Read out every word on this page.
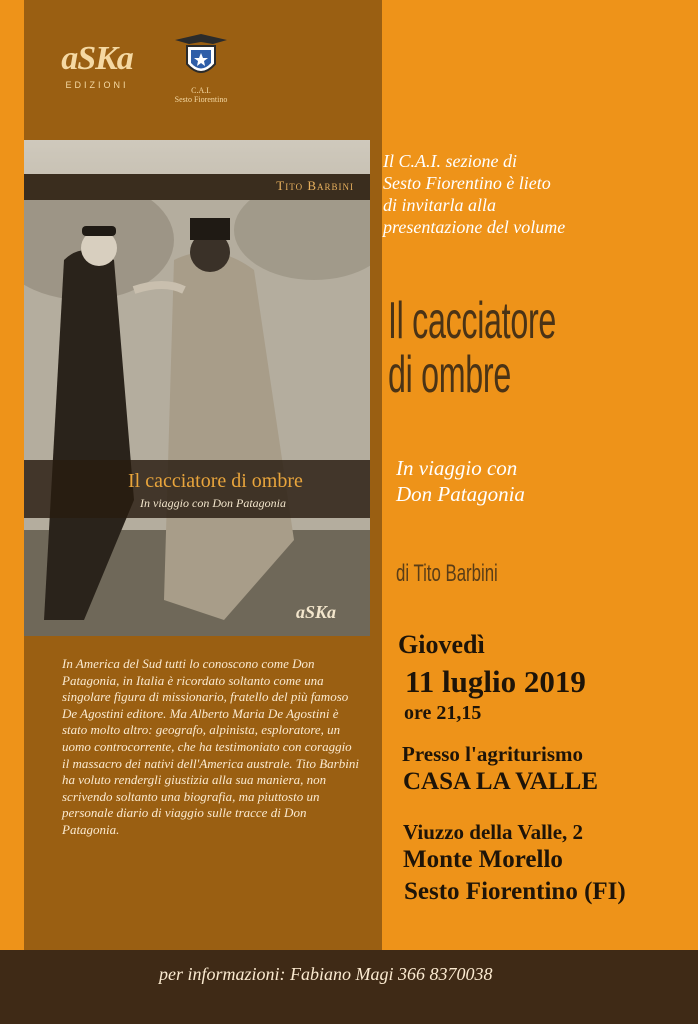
aSKa
EDIZIONI
C.A.I.
Sesto Fiorentino
Tito Barbini
Il cacciatore di ombre
In viaggio con Don Patagonia
aSKa
In America del Sud tutti lo conoscono come Don Patagonia, in Italia è ricordato soltanto come una singolare figura di missionario, fratello del più famoso De Agostini editore. Ma Alberto Maria De Agostini è stato molto altro: geografo, alpinista, esploratore, un uomo controcorrente, che ha testimoniato con coraggio il massacro dei nativi dell'America australe. Tito Barbini ha voluto rendergli giustizia alla sua maniera, non scrivendo soltanto una biografia, ma piuttosto un personale diario di viaggio sulle tracce di Don Patagonia.
Il C.A.I. sezione di
Sesto Fiorentino è lieto
di invitarla alla
presentazione del volume
Il cacciatore
di ombre
In viaggio con
Don Patagonia
di Tito Barbini
Giovedì
11 luglio 2019
ore 21,15
Presso l'agriturismo
CASA LA VALLE
Viuzzo della Valle, 2
Monte Morello
Sesto Fiorentino (FI)
per informazioni: Fabiano Magi 366 8370038
